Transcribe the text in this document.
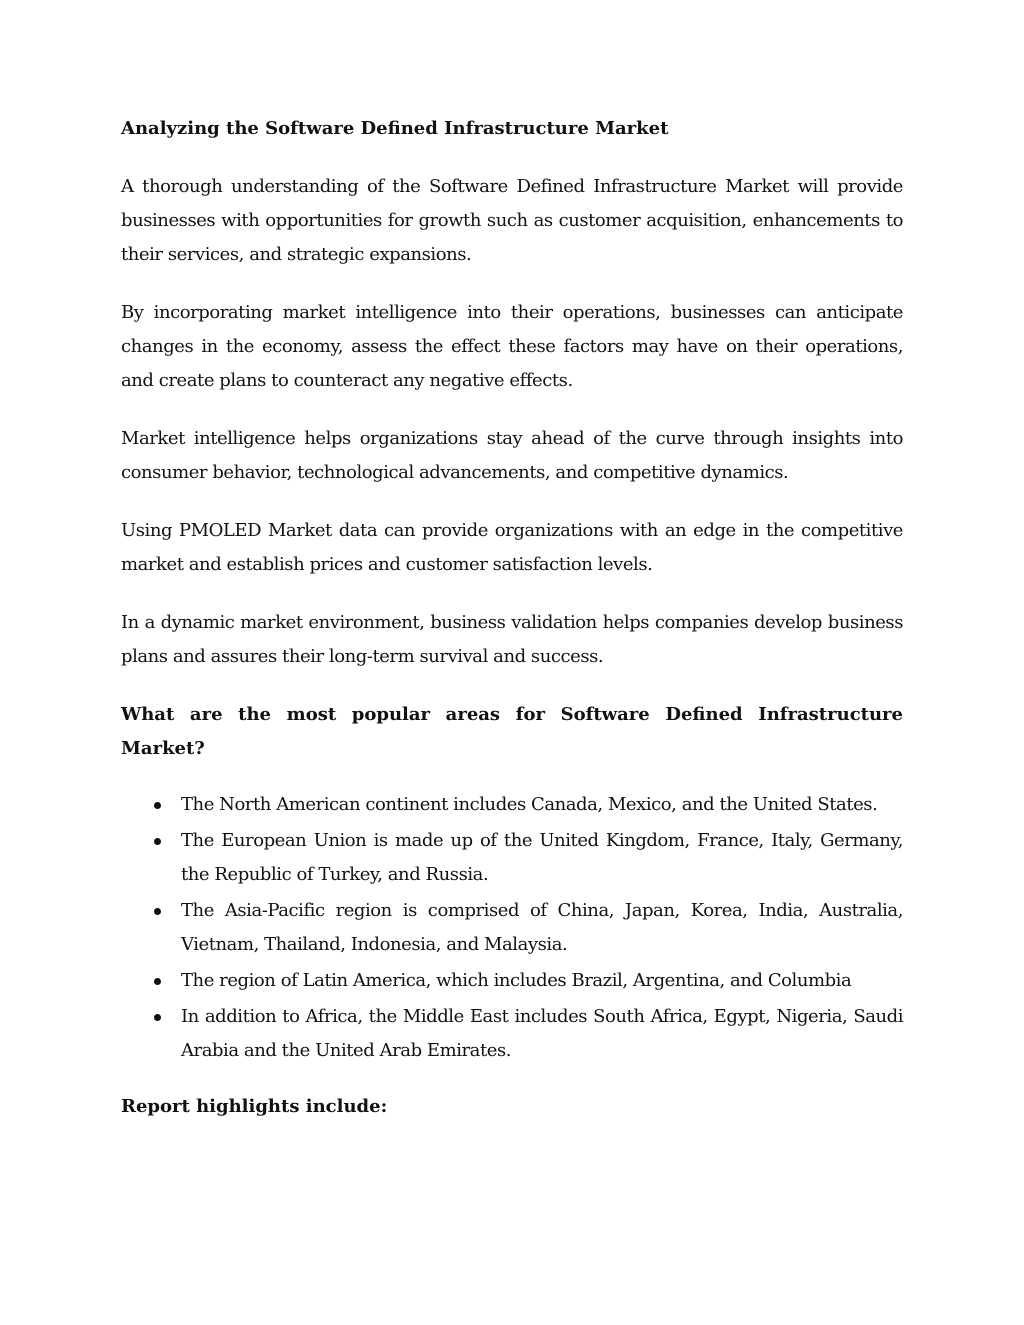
Analyzing the Software Defined Infrastructure Market

A thorough understanding of the Software Defined Infrastructure Market will provide businesses with opportunities for growth such as customer acquisition, enhancements to their services, and strategic expansions.

By incorporating market intelligence into their operations, businesses can anticipate changes in the economy, assess the effect these factors may have on their operations, and create plans to counteract any negative effects.

Market intelligence helps organizations stay ahead of the curve through insights into consumer behavior, technological advancements, and competitive dynamics.

Using PMOLED Market data can provide organizations with an edge in the competitive market and establish prices and customer satisfaction levels.

In a dynamic market environment, business validation helps companies develop business plans and assures their long-term survival and success.

What are the most popular areas for Software Defined Infrastructure Market?
The North American continent includes Canada, Mexico, and the United States.
The European Union is made up of the United Kingdom, France, Italy, Germany, the Republic of Turkey, and Russia.
The Asia-Pacific region is comprised of China, Japan, Korea, India, Australia, Vietnam, Thailand, Indonesia, and Malaysia.
The region of Latin America, which includes Brazil, Argentina, and Columbia
In addition to Africa, the Middle East includes South Africa, Egypt, Nigeria, Saudi Arabia and the United Arab Emirates.
Report highlights include:
